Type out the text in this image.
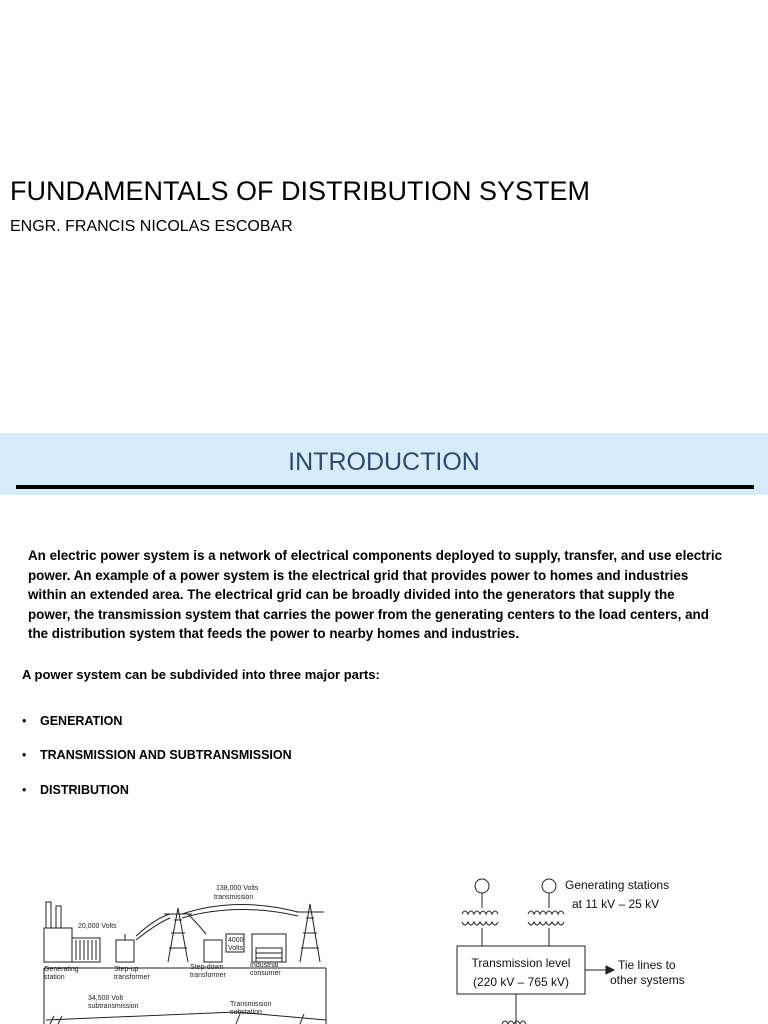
FUNDAMENTALS OF DISTRIBUTION SYSTEM
ENGR. FRANCIS NICOLAS ESCOBAR
INTRODUCTION
An electric power system is a network of electrical components deployed to supply, transfer, and use electric
power. An example of a power system is the electrical grid that provides power to homes and industries
within an extended area. The electrical grid can be broadly divided into the generators that supply the
power, the transmission system that carries the power from the generating centers to the load centers, and
the distribution system that feeds the power to nearby homes and industries.
A power system can be subdivided into three major parts:
• GENERATION
• TRANSMISSION AND SUBTRANSMISSION
• DISTRIBUTION
138,000 Volts
transmission
20,000 Volts
4000
Volts
Generating
station
Step-up
transformer
Step-down
transformer
Industrial
consumer
34,500 Volt
subtransmission	Transmission
substation
Generating stations
at 11 kV – 25 kV
Transmission level
(220 kV – 765 kV)
Tie lines to
other systems
